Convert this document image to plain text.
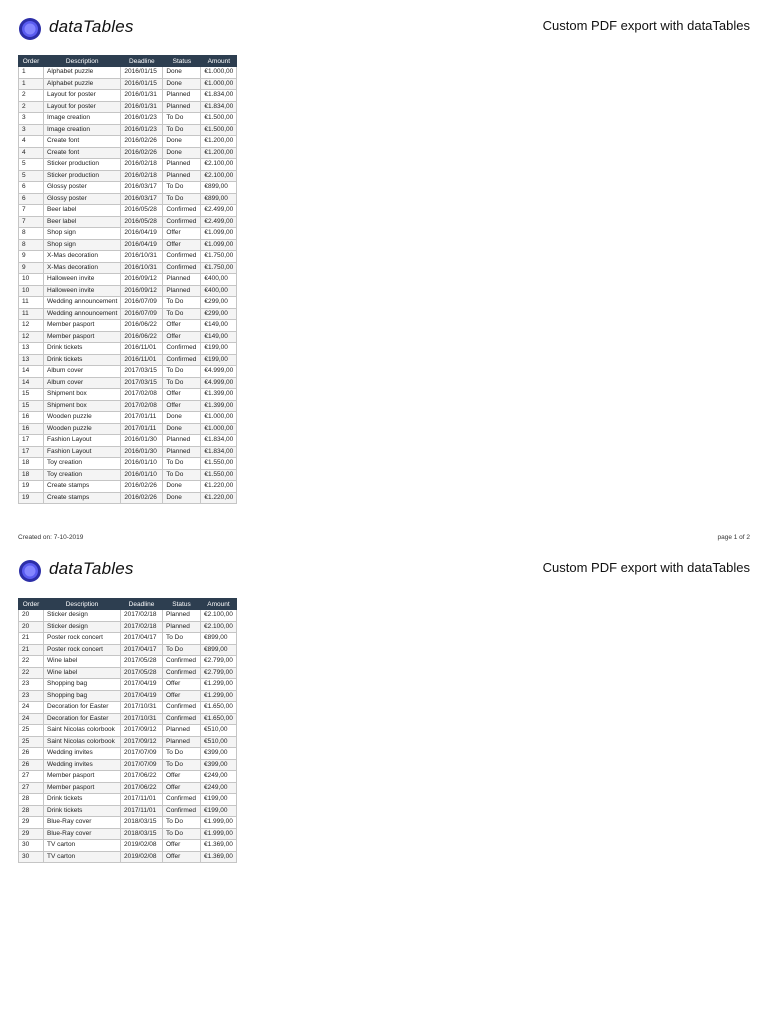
dataTables	Custom PDF export with dataTables
Order	Description	Deadline	Status	Amount
1	Alphabet puzzle	2016/01/15	Done	€1.000,00
1	Alphabet puzzle	2016/01/15	Done	€1.000,00
2	Layout for poster	2016/01/31	Planned	€1.834,00
2	Layout for poster	2016/01/31	Planned	€1.834,00
3	Image creation	2016/01/23	To Do	€1.500,00
3	Image creation	2016/01/23	To Do	€1.500,00
4	Create font	2016/02/26	Done	€1.200,00
4	Create font	2016/02/26	Done	€1.200,00
5	Sticker production	2016/02/18	Planned	€2.100,00
5	Sticker production	2016/02/18	Planned	€2.100,00
6	Glossy poster	2016/03/17	To Do	€899,00
6	Glossy poster	2016/03/17	To Do	€899,00
7	Beer label	2016/05/28	Confirmed	€2.499,00
7	Beer label	2016/05/28	Confirmed	€2.499,00
8	Shop sign	2016/04/19	Offer	€1.099,00
8	Shop sign	2016/04/19	Offer	€1.099,00
9	X-Mas decoration	2016/10/31	Confirmed	€1.750,00
9	X-Mas decoration	2016/10/31	Confirmed	€1.750,00
10	Halloween invite	2016/09/12	Planned	€400,00
10	Halloween invite	2016/09/12	Planned	€400,00
11	Wedding announcement	2016/07/09	To Do	€299,00
11	Wedding announcement	2016/07/09	To Do	€299,00
12	Member pasport	2016/06/22	Offer	€149,00
12	Member pasport	2016/06/22	Offer	€149,00
13	Drink tickets	2016/11/01	Confirmed	€199,00
13	Drink tickets	2016/11/01	Confirmed	€199,00
14	Album cover	2017/03/15	To Do	€4.999,00
14	Album cover	2017/03/15	To Do	€4.999,00
15	Shipment box	2017/02/08	Offer	€1.399,00
15	Shipment box	2017/02/08	Offer	€1.399,00
16	Wooden puzzle	2017/01/11	Done	€1.000,00
16	Wooden puzzle	2017/01/11	Done	€1.000,00
17	Fashion Layout	2016/01/30	Planned	€1.834,00
17	Fashion Layout	2016/01/30	Planned	€1.834,00
18	Toy creation	2016/01/10	To Do	€1.550,00
18	Toy creation	2016/01/10	To Do	€1.550,00
19	Create stamps	2016/02/26	Done	€1.220,00
19	Create stamps	2016/02/26	Done	€1.220,00
Created on: 7-10-2019	page 1 of 2
dataTables	Custom PDF export with dataTables
Order	Description	Deadline	Status	Amount
20	Sticker design	2017/02/18	Planned	€2.100,00
20	Sticker design	2017/02/18	Planned	€2.100,00
21	Poster rock concert	2017/04/17	To Do	€899,00
21	Poster rock concert	2017/04/17	To Do	€899,00
22	Wine label	2017/05/28	Confirmed	€2.799,00
22	Wine label	2017/05/28	Confirmed	€2.799,00
23	Shopping bag	2017/04/19	Offer	€1.299,00
23	Shopping bag	2017/04/19	Offer	€1.299,00
24	Decoration for Easter	2017/10/31	Confirmed	€1.650,00
24	Decoration for Easter	2017/10/31	Confirmed	€1.650,00
25	Saint Nicolas colorbook	2017/09/12	Planned	€510,00
25	Saint Nicolas colorbook	2017/09/12	Planned	€510,00
26	Wedding invites	2017/07/09	To Do	€399,00
26	Wedding invites	2017/07/09	To Do	€399,00
27	Member pasport	2017/06/22	Offer	€249,00
27	Member pasport	2017/06/22	Offer	€249,00
28	Drink tickets	2017/11/01	Confirmed	€199,00
28	Drink tickets	2017/11/01	Confirmed	€199,00
29	Blue-Ray cover	2018/03/15	To Do	€1.999,00
29	Blue-Ray cover	2018/03/15	To Do	€1.999,00
30	TV carton	2019/02/08	Offer	€1.369,00
30	TV carton	2019/02/08	Offer	€1.369,00
